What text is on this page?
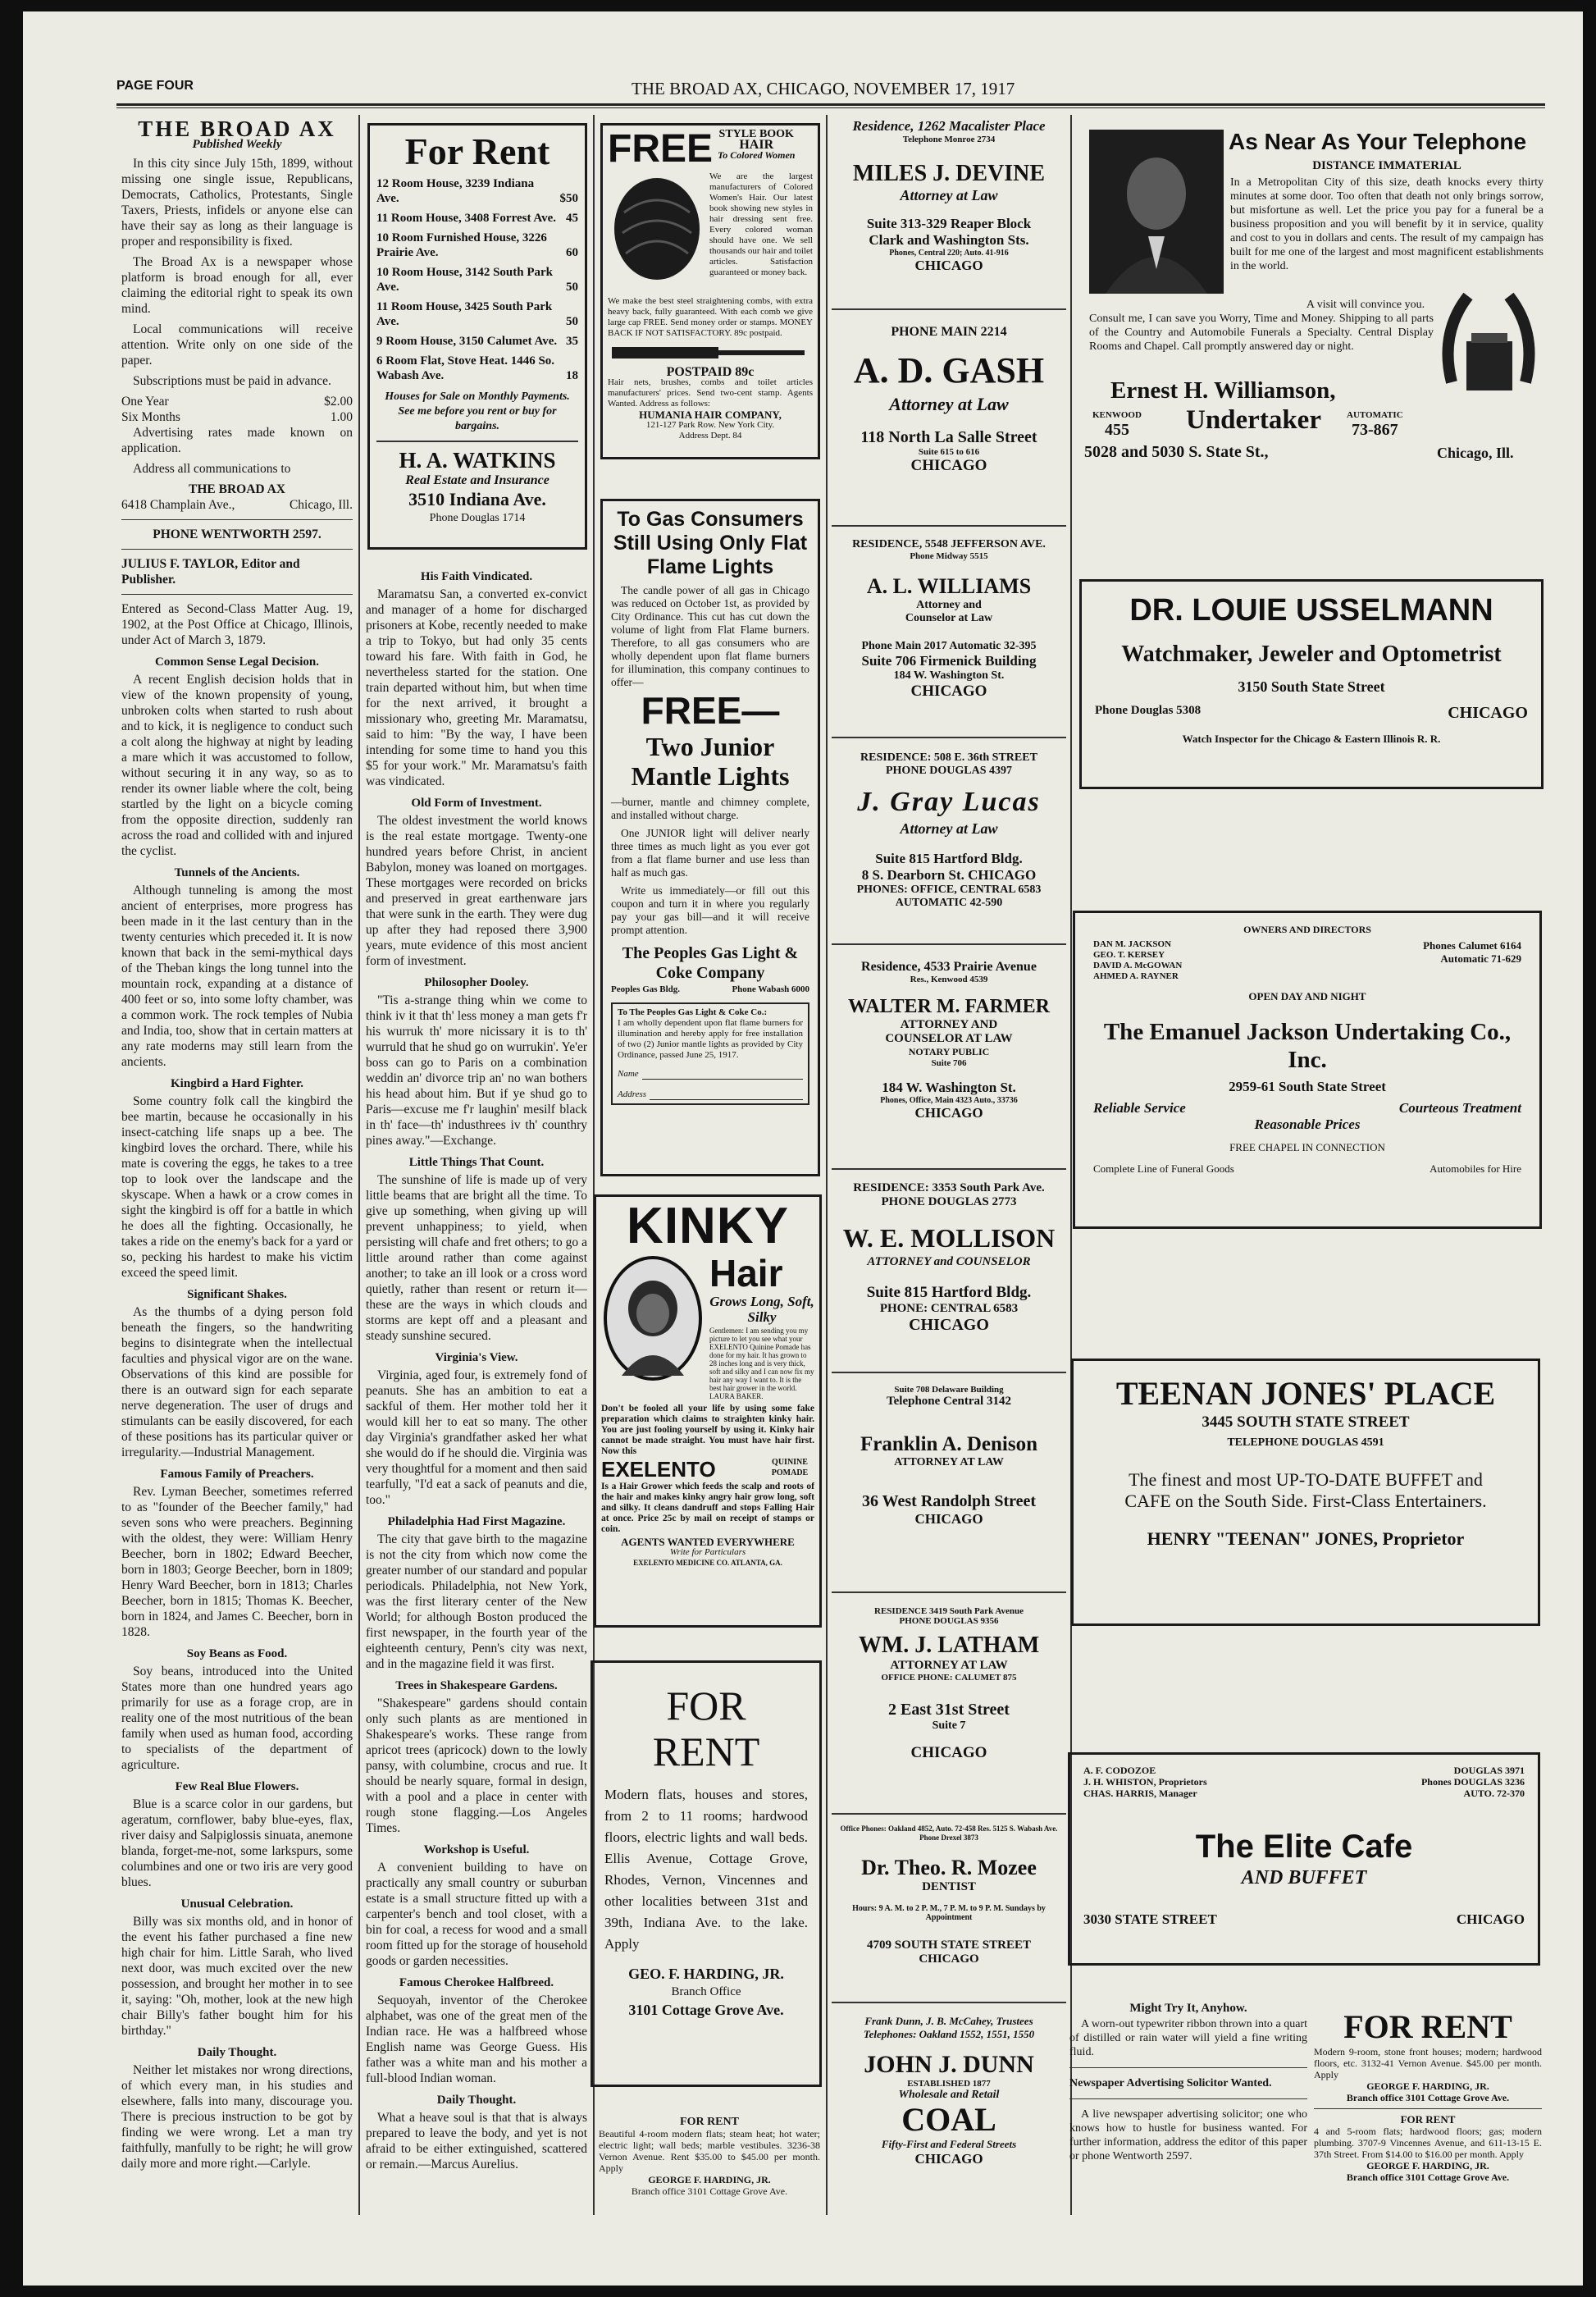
PAGE FOUR	THE BROAD AX, CHICAGO, NOVEMBER 17, 1917
THE BROAD AX
Published Weekly

In this city since July 15th, 1899, without missing one single issue, Republicans, Democrats, Catholics, Protestants, Single Taxers, Priests, infidels or anyone else can have their say as long as their language is proper and responsibility is fixed.

The Broad Ax is a newspaper whose platform is broad enough for all, ever claiming the editorial right to speak its own mind.

Local communications will receive attention. Write only on one side of the paper.

Subscriptions must be paid in advance.

One Year	$2.00
Six Months	1.00

Advertising rates made known on application.

Address all communications to

THE BROAD AX
6418 Champlain Ave.,	Chicago, Ill.
PHONE WENTWORTH 2597.
JULIUS F. TAYLOR, Editor and Publisher.

Entered as Second-Class Matter Aug. 19, 1902, at the Post Office at Chicago, Illinois, under Act of March 3, 1879.

Common Sense Legal Decision.

A recent English decision holds that in view of the known propensity of young, unbroken colts when started to rush about and to kick, it is negligence to conduct such a colt along the highway at night by leading a mare which it was accustomed to follow, without securing it in any way, so as to render its owner liable where the colt, being startled by the light on a bicycle coming from the opposite direction, suddenly ran across the road and collided with and injured the cyclist.

Tunnels of the Ancients.

Although tunneling is among the most ancient of enterprises, more progress has been made in it the last century than in the twenty centuries which preceded it. It is now known that back in the semi-mythical days of the Theban kings the long tunnel into the mountain rock, expanding at a distance of 400 feet or so, into some lofty chamber, was a common work. The rock temples of Nubia and India, too, show that in certain matters at any rate moderns may still learn from the ancients.

Kingbird a Hard Fighter.

Some country folk call the kingbird the bee martin, because he occasionally in his insect-catching life snaps up a bee. The kingbird loves the orchard. There, while his mate is covering the eggs, he takes to a tree top to look over the landscape and the skyscape. When a hawk or a crow comes in sight the kingbird is off for a battle in which he does all the fighting. Occasionally, he takes a ride on the enemy's back for a yard or so, pecking his hardest to make his victim exceed the speed limit.

Significant Shakes.

As the thumbs of a dying person fold beneath the fingers, so the handwriting begins to disintegrate when the intellectual faculties and physical vigor are on the wane. Observations of this kind are possible for there is an outward sign for each separate nerve degeneration. The user of drugs and stimulants can be easily discovered, for each of these positions has its particular quiver or irregularity.—Industrial Management.

Famous Family of Preachers.

Rev. Lyman Beecher, sometimes referred to as "founder of the Beecher family," had seven sons who were preachers. Beginning with the oldest, they were: William Henry Beecher, born in 1802; Edward Beecher, born in 1803; George Beecher, born in 1809; Henry Ward Beecher, born in 1813; Charles Beecher, born in 1815; Thomas K. Beecher, born in 1824, and James C. Beecher, born in 1828.

Soy Beans as Food.

Soy beans, introduced into the United States more than one hundred years ago primarily for use as a forage crop, are in reality one of the most nutritious of the bean family when used as human food, according to specialists of the department of agriculture.

Few Real Blue Flowers.

Blue is a scarce color in our gardens, but ageratum, cornflower, baby blue-eyes, flax, river daisy and Salpiglossis sinuata, anemone blanda, forget-me-not, some larkspurs, some columbines and one or two iris are very good blues.

Unusual Celebration.

Billy was six months old, and in honor of the event his father purchased a fine new high chair for him. Little Sarah, who lived next door, was much excited over the new possession, and brought her mother in to see it, saying: "Oh, mother, look at the new high chair Billy's father bought him for his birthday."

Daily Thought.

Neither let mistakes nor wrong directions, of which every man, in his studies and elsewhere, falls into many, discourage you. There is precious instruction to be got by finding we were wrong. Let a man try faithfully, manfully to be right; he will grow daily more and more right.—Carlyle.

For Rent
12 Room House, 3239 Indiana Ave.	$50
11 Room House, 3408 Forrest Ave. 45
10 Room Furnished House, 3226 Prairie Ave.	60
10 Room House, 3142 South Park Ave.	50
11 Room House, 3425 South Park Ave.	50
9 Room House, 3150 Calumet Ave. 35
6 Room Flat, Stove Heat. 1446 So. Wabash Ave.	18
Houses for Sale on Monthly Payments. See me before you rent or buy for bargains.
H. A. WATKINS
Real Estate and Insurance
3510 Indiana Ave.
Phone Douglas 1714
His Faith Vindicated.

Maramatsu San, a converted ex-convict and manager of a home for discharged prisoners at Kobe, recently needed to make a trip to Tokyo, but had only 35 cents toward his fare. With faith in God, he nevertheless started for the station. One train departed without him, but when time for the next arrived, it brought a missionary who, greeting Mr. Maramatsu, said to him: "By the way, I have been intending for some time to hand you this $5 for your work." Mr. Maramatsu's faith was vindicated.

Old Form of Investment.

The oldest investment the world knows is the real estate mortgage. Twenty-one hundred years before Christ, in ancient Babylon, money was loaned on mortgages. These mortgages were recorded on bricks and preserved in great earthenware jars that were sunk in the earth. They were dug up after they had reposed there 3,900 years, mute evidence of this most ancient form of investment.

Philosopher Dooley.

"Tis a-strange thing whin we come to think iv it that th' less money a man gets f'r his wurruk th' more nicissary it is to th' wurruld that he shud go on wurrukin'. Ye'er boss can go to Paris on a combination weddin an' divorce trip an' no wan bothers his head about him. But if ye shud go to Paris—excuse me f'r laughin' mesilf black in th' face—th' industhrees iv th' counthry pines away."—Exchange.

Little Things That Count.

The sunshine of life is made up of very little beams that are bright all the time. To give up something, when giving up will prevent unhappiness; to yield, when persisting will chafe and fret others; to go a little around rather than come against another; to take an ill look or a cross word quietly, rather than resent or return it—these are the ways in which clouds and storms are kept off and a pleasant and steady sunshine secured.

Virginia's View.

Virginia, aged four, is extremely fond of peanuts. She has an ambition to eat a sackful of them. Her mother told her it would kill her to eat so many. The other day Virginia's grandfather asked her what she would do if he should die. Virginia was very thoughtful for a moment and then said tearfully, "I'd eat a sack of peanuts and die, too."

Philadelphia Had First Magazine.

The city that gave birth to the magazine is not the city from which now come the greater number of our standard and popular periodicals. Philadelphia, not New York, was the first literary center of the New World; for although Boston produced the first newspaper, in the fourth year of the eighteenth century, Penn's city was next, and in the magazine field it was first.

Trees in Shakespeare Gardens.

"Shakespeare" gardens should contain only such plants as are mentioned in Shakespeare's works. These range from apricot trees (apricock) down to the lowly pansy, with columbine, crocus and rue. It should be nearly square, formal in design, with a pool and a place in center with rough stone flagging.—Los Angeles Times.

Workshop is Useful.

A convenient building to have on practically any small country or suburban estate is a small structure fitted up with a carpenter's bench and tool closet, with a bin for coal, a recess for wood and a small room fitted up for the storage of household goods or garden necessities.

Famous Cherokee Halfbreed.

Sequoyah, inventor of the Cherokee alphabet, was one of the great men of the Indian race. He was a halfbreed whose English name was George Guess. His father was a white man and his mother a full-blood Indian woman.

Daily Thought.

What a heave soul is that that is always prepared to leave the body, and yet is not afraid to be either extinguished, scattered or remain.—Marcus Aurelius.

FREE STYLE BOOK
HAIR
To Colored Women
We are the largest manufacturers of Colored Women's Hair. Our latest book showing new styles in hair dressing sent free. Every colored woman should have one. We sell thousands our hair and toilet articles. Satisfaction guaranteed or money back.
We make the best steel straightening combs, with extra heavy back, fully guaranteed. With each comb we give large cap FREE. Send money order or stamps. MONEY BACK IF NOT SATISFACTORY. 89c postpaid.
POSTPAID 89c
Hair nets, brushes, combs and toilet articles manufacturers' prices. Send two-cent stamp. Agents Wanted. Address as follows:
HUMANIA HAIR COMPANY,
121-127 Park Row. New York City.
Address Dept. 84
To Gas Consumers Still Using Only Flat Flame Lights
The candle power of all gas in Chicago was reduced on October 1st, as provided by City Ordinance. This cut has cut down the volume of light from Flat Flame burners. Therefore, to all gas consumers who are wholly dependent upon flat flame burners for illumination, this company continues to offer—
FREE—
Two Junior Mantle Lights
—burner, mantle and chimney complete, and installed without charge.
One JUNIOR light will deliver nearly three times as much light as you ever got from a flat flame burner and use less than half as much gas.
Write us immediately—or fill out this coupon and turn it in where you regularly pay your gas bill—and it will receive prompt attention.
The Peoples Gas Light & Coke Company
Peoples Gas Bldg.	Phone Wabash 6000
To The Peoples Gas Light & Coke Co.:
I am wholly dependent upon flat flame burners for illumination and hereby apply for free installation of two (2) Junior mantle lights as provided by City Ordinance, passed June 25, 1917.
Name
Address
KINKY
Hair
Grows Long, Soft, Silky
Gentlemen: I am sending you my picture to let you see what your EXELENTO Quinine Pomade has done for my hair. It has grown to 28 inches long and is very thick, soft and silky and I can now fix my hair any way I want to. It is the best hair grower in the world. LAURA BAKER.
Don't be fooled all your life by using some fake preparation which claims to straighten kinky hair. You are just fooling yourself by using it. Kinky hair cannot be made straight. You must have hair first. Now this
EXELENTO	QUININE POMADE
Is a Hair Grower which feeds the scalp and roots of the hair and makes kinky angry hair grow long, soft and silky. It cleans dandruff and stops Falling Hair at once. Price 25c by mail on receipt of stamps or coin.
AGENTS WANTED EVERYWHERE
Write for Particulars
EXELENTO MEDICINE CO. ATLANTA, GA.
FOR
RENT
Modern flats, houses and stores, from 2 to 11 rooms; hardwood floors, electric lights and wall beds. Ellis Avenue, Cottage Grove, Rhodes, Vernon, Vincennes and other localities between 31st and 39th, Indiana Ave. to the lake. Apply
GEO. F. HARDING, JR.
Branch Office
3101 Cottage Grove Ave.
FOR RENT
Beautiful 4-room modern flats; steam heat; hot water; electric light; wall beds; marble vestibules. 3236-38 Vernon Avenue. Rent $35.00 to $45.00 per month. Apply
GEORGE F. HARDING, JR.
Branch office 3101 Cottage Grove Ave.
Residence, 1262 Macalister Place
Telephone Monroe 2734
MILES J. DEVINE
Attorney at Law
Suite 313-329 Reaper Block
Clark and Washington Sts.
Phones, Central 220; Auto. 41-916
CHICAGO
PHONE MAIN 2214
A. D. GASH
Attorney at Law
118 North La Salle Street
Suite 615 to 616
CHICAGO
RESIDENCE, 5548 JEFFERSON AVE.
Phone Midway 5515
A. L. WILLIAMS
Attorney and
Counselor at Law
Phone Main 2017 Automatic 32-395
Suite 706 Firmenick Building
184 W. Washington St.
CHICAGO
RESIDENCE: 508 E. 36th STREET
PHONE DOUGLAS 4397
J. Gray Lucas
Attorney at Law
Suite 815 Hartford Bldg.
8 S. Dearborn St. CHICAGO
PHONES: OFFICE, CENTRAL 6583
AUTOMATIC 42-590
Residence, 4533 Prairie Avenue
Res., Kenwood 4539
WALTER M. FARMER
ATTORNEY AND
COUNSELOR AT LAW
NOTARY PUBLIC
Suite 706
184 W. Washington St.
Phones, Office, Main 4323 Auto., 33736
CHICAGO
RESIDENCE: 3353 South Park Ave.
PHONE DOUGLAS 2773
W. E. MOLLISON
ATTORNEY and COUNSELOR
Suite 815 Hartford Bldg.
PHONE: CENTRAL 6583
CHICAGO
Suite 708 Delaware Building
Telephone Central 3142
Franklin A. Denison
ATTORNEY AT LAW
36 West Randolph Street
CHICAGO
RESIDENCE 3419 South Park Avenue
PHONE DOUGLAS 9356
WM. J. LATHAM
ATTORNEY AT LAW
OFFICE PHONE: CALUMET 875
2 East 31st Street
Suite 7
CHICAGO
Office Phones: Oakland 4852, Auto. 72-458 Res. 5125 S. Wabash Ave. Phone Drexel 3873
Dr. Theo. R. Mozee
DENTIST
Hours: 9 A. M. to 2 P. M., 7 P. M. to 9 P. M. Sundays by Appointment
4709 SOUTH STATE STREET
CHICAGO
Frank Dunn, J. B. McCahey, Trustees
Telephones: Oakland 1552, 1551, 1550
JOHN J. DUNN
ESTABLISHED 1877
Wholesale and Retail
COAL
Fifty-First and Federal Streets
CHICAGO
As Near As Your Telephone
DISTANCE IMMATERIAL
In a Metropolitan City of this size, death knocks every thirty minutes at some door. Too often that death not only brings sorrow, but misfortune as well. Let the price you pay for a funeral be a business proposition and you will benefit by it in service, quality and cost to you in dollars and cents. The result of my campaign has built for me one of the largest and most magnificent establishments in the world.
A visit will convince you.
Consult me, I can save you Worry, Time and Money. Shipping to all parts of the Country and Automobile Funerals a Specialty. Central Display Rooms and Chapel. Call promptly answered day or night.
Ernest H. Williamson,
KENWOOD
455	Undertaker	AUTOMATIC
73-867
5028 and 5030 S. State St.,	Chicago, Ill.
DR. LOUIE USSELMANN
Watchmaker, Jeweler and Optometrist
3150 South State Street
Phone Douglas 5308	CHICAGO
Watch Inspector for the Chicago & Eastern Illinois R. R.
OWNERS AND DIRECTORS
DAN M. JACKSON
GEO. T. KERSEY
DAVID A. McGOWAN
AHMED A. RAYNER
Phones Calumet 6164
Automatic 71-629
OPEN DAY AND NIGHT
The Emanuel Jackson Undertaking Co., Inc.
2959-61 South State Street
Reliable Service	Courteous Treatment
Reasonable Prices
FREE CHAPEL IN CONNECTION
Complete Line of Funeral Goods	Automobiles for Hire
TEENAN JONES' PLACE
3445 SOUTH STATE STREET
TELEPHONE DOUGLAS 4591
The finest and most UP-TO-DATE BUFFET and CAFE on the South Side. First-Class Entertainers.
HENRY "TEENAN" JONES, Proprietor
A. F. CODOZOE
J. H. WHISTON, Proprietors
CHAS. HARRIS, Manager
DOUGLAS 3971
Phones DOUGLAS 3236
AUTO. 72-370
The Elite Cafe
AND BUFFET
3030 STATE STREET	CHICAGO
Might Try It, Anyhow.

A worn-out typewriter ribbon thrown into a quart of distilled or rain water will yield a fine writing fluid.

Newspaper Advertising Solicitor Wanted.

A live newspaper advertising solicitor; one who knows how to hustle for business wanted. For further information, address the editor of this paper or phone Wentworth 2597.

FOR RENT
Modern 9-room, stone front houses; modern; hardwood floors, etc. 3132-41 Vernon Avenue. $45.00 per month. Apply
GEORGE F. HARDING, JR.
Branch office 3101 Cottage Grove Ave.
FOR RENT
4 and 5-room flats; hardwood floors; gas; modern plumbing. 3707-9 Vincennes Avenue, and 611-13-15 E. 37th Street. From $14.00 to $16.00 per month. Apply
GEORGE F. HARDING, JR.
Branch office 3101 Cottage Grove Ave.
